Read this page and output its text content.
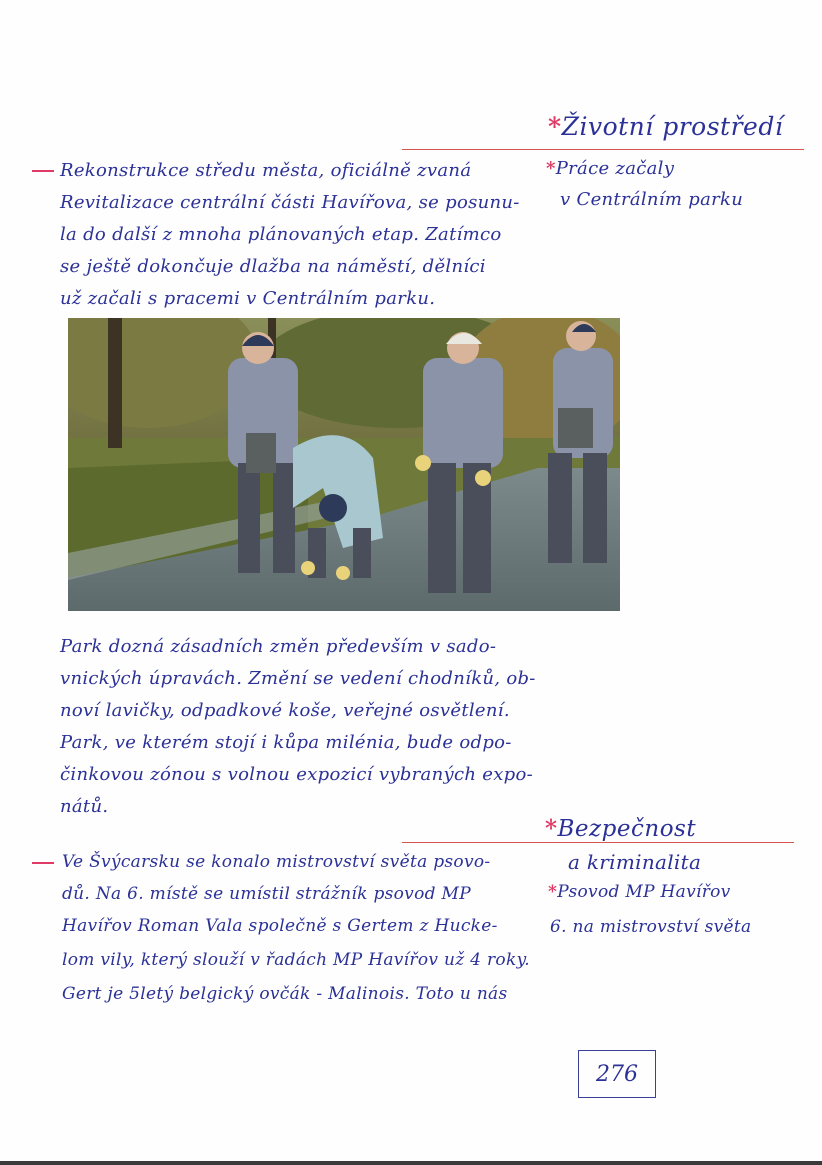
*Životní prostředí
*Práce začaly
v Centrálním parku
Rekonstrukce středu města, oficiálně zvaná
Revitalizace centrální části Havířova, se posunu-
la do další z mnoha plánovaných etap. Zatímco
se ještě dokončuje dlažba na náměstí, dělníci
už začali s pracemi v Centrálním parku.
Park dozná zásadních změn především v sado-
vnických úpravách. Změní se vedení chodníků, ob-
noví lavičky, odpadkové koše, veřejné osvětlení.
Park, ve kterém stojí i kůpa milénia, bude odpo-
činkovou zónou s volnou expozicí vybraných expo-
nátů.
*Bezpečnost
a kriminalita
*Psovod MP Havířov
6. na mistrovství světa
Ve Švýcarsku se konalo mistrovství světa psovo-
dů. Na 6. místě se umístil strážník psovod MP
Havířov Roman Vala společně s Gertem z Hucke-
lom vily, který slouží v řadách MP Havířov už 4 roky.
Gert je 5letý belgický ovčák - Malinois. Toto u nás
276
